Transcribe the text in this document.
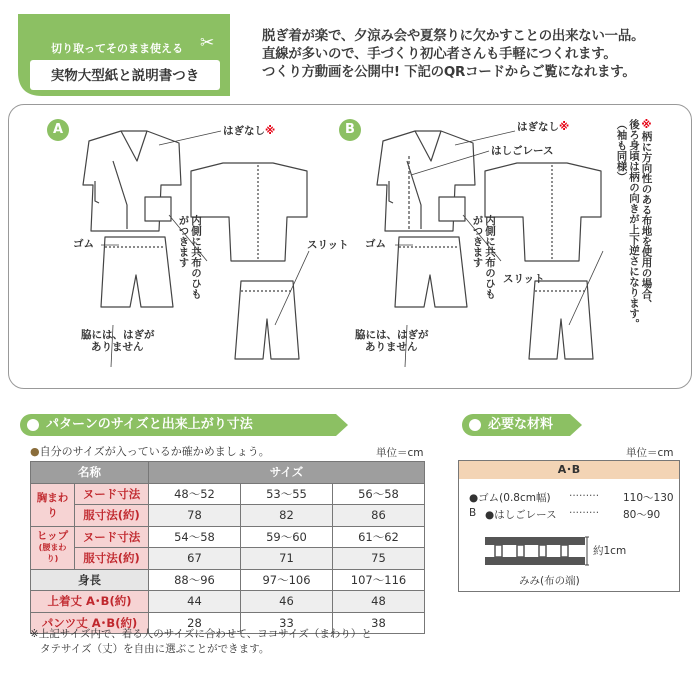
切り取ってそのまま使える	✂
実物大型紙と説明書つき
脱ぎ着が楽で、夕涼み会や夏祭りに欠かすことの出来ない一品。
直線が多いので、手づくり初心者さんも手軽につくれます。
つくり方動画を公開中! 下記のQRコードからご覧になれます。
A	B
はぎなし※
内側に共布のひもがつきます
ゴム	スリット
脇には、はぎが
ありません
はぎなし※
はしごレース
内側に共布のひもがつきます
ゴム
スリット
脇には、はぎが
ありません
※柄に方向性のある布地を使用の場合、
後ろ身頃は柄の向きが上下逆さになります。
（袖も同様）
パターンのサイズと出来上がり寸法
●自分のサイズが入っているか確かめましょう。	単位＝cm
名称		サイズ		
胸まわり	ヌード寸法	48～52	53～55	56～58
	服寸法(約)	78	82	86
ヒップ
(腰まわり)	ヌード寸法	54～58	59～60	61～62
	服寸法(約)	67	71	75
身長		88～96	97～106	107～116
上着丈 A･B(約)		44	46	48
パンツ丈 A･B(約)		28	33	38
※上記サイズ内で、着る人のサイズに合わせて、ヨコサイズ（まわり）と
タテサイズ（丈）を自由に選ぶことができます。
必要な材料
単位＝cm
A･B
●ゴム(0.8cm幅) ········· 110～130
B ●はしごレース ········· 80～90
約1cm
みみ(布の端)
